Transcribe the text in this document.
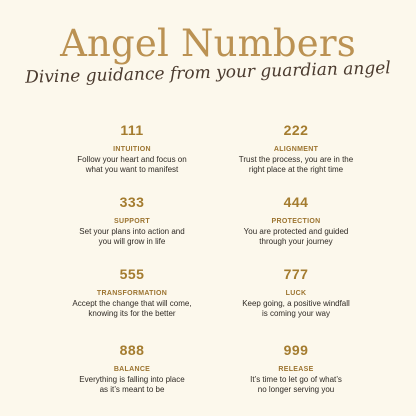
Angel Numbers
Divine guidance from your guardian angel
111
INTUITION
Follow your heart and focus on
what you want to manifest
222
ALIGNMENT
Trust the process, you are in the
right place at the right time
333
SUPPORT
Set your plans into action and
you will grow in life
444
PROTECTION
You are protected and guided
through your journey
555
TRANSFORMATION
Accept the change that will come,
knowing its for the better
777
LUCK
Keep going, a positive windfall
is coming your way
888
BALANCE
Everything is falling into place
as it’s meant to be
999
RELEASE
It’s time to let go of what’s
no longer serving you
